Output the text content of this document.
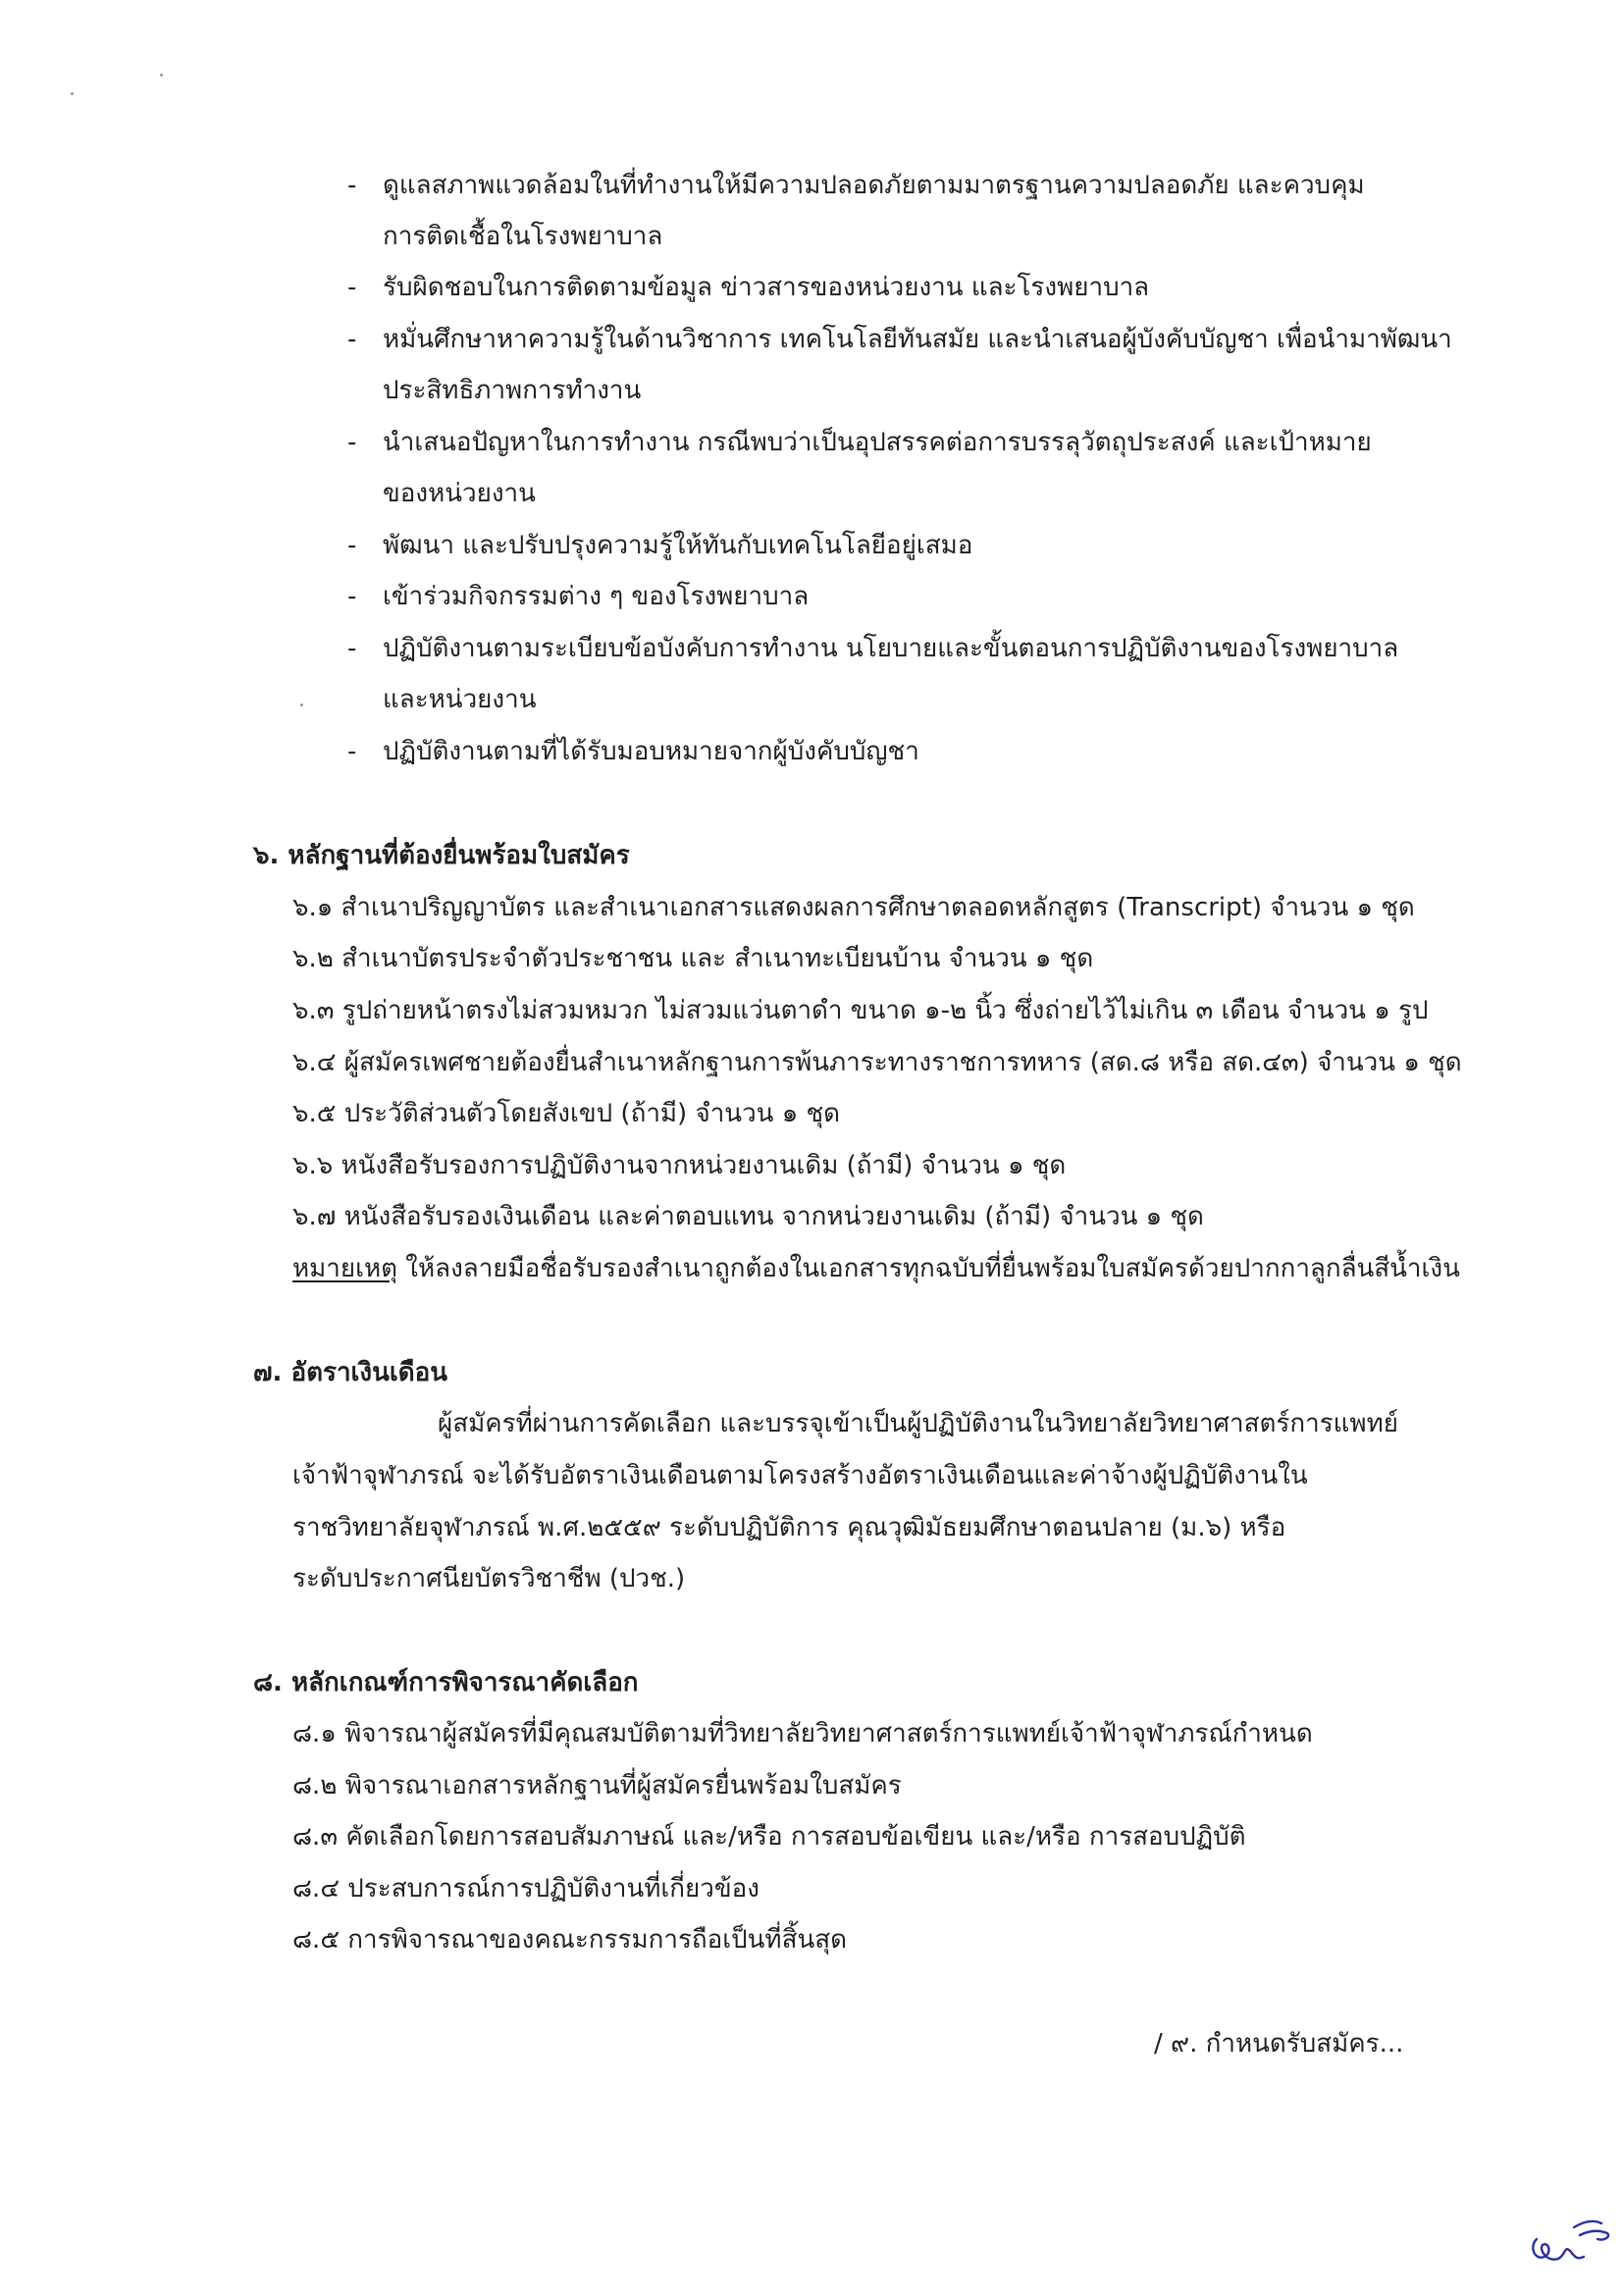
- ดูแลสภาพแวดล้อมในที่ทำงานให้มีความปลอดภัยตามมาตรฐานความปลอดภัย และควบคุม
การติดเชื้อในโรงพยาบาล
- รับผิดชอบในการติดตามข้อมูล ข่าวสารของหน่วยงาน และโรงพยาบาล
- หมั่นศึกษาหาความรู้ในด้านวิชาการ เทคโนโลยีทันสมัย และนำเสนอผู้บังคับบัญชา เพื่อนำมาพัฒนา
ประสิทธิภาพการทำงาน
- นำเสนอปัญหาในการทำงาน กรณีพบว่าเป็นอุปสรรคต่อการบรรลุวัตถุประสงค์ และเป้าหมาย
ของหน่วยงาน
- พัฒนา และปรับปรุงความรู้ให้ทันกับเทคโนโลยีอยู่เสมอ
- เข้าร่วมกิจกรรมต่าง ๆ ของโรงพยาบาล
- ปฏิบัติงานตามระเบียบข้อบังคับการทำงาน นโยบายและขั้นตอนการปฏิบัติงานของโรงพยาบาล
และหน่วยงาน
- ปฏิบัติงานตามที่ได้รับมอบหมายจากผู้บังคับบัญชา
๖. หลักฐานที่ต้องยื่นพร้อมใบสมัคร
๖.๑ สำเนาปริญญาบัตร และสำเนาเอกสารแสดงผลการศึกษาตลอดหลักสูตร (Transcript) จำนวน ๑ ชุด
๖.๒ สำเนาบัตรประจำตัวประชาชน และ สำเนาทะเบียนบ้าน จำนวน ๑ ชุด
๖.๓ รูปถ่ายหน้าตรงไม่สวมหมวก ไม่สวมแว่นตาดำ ขนาด ๑-๒ นิ้ว ซึ่งถ่ายไว้ไม่เกิน ๓ เดือน จำนวน ๑ รูป
๖.๔ ผู้สมัครเพศชายต้องยื่นสำเนาหลักฐานการพ้นภาระทางราชการทหาร (สด.๘ หรือ สด.๔๓) จำนวน ๑ ชุด
๖.๕ ประวัติส่วนตัวโดยสังเขป (ถ้ามี) จำนวน ๑ ชุด
๖.๖ หนังสือรับรองการปฏิบัติงานจากหน่วยงานเดิม (ถ้ามี) จำนวน ๑ ชุด
๖.๗ หนังสือรับรองเงินเดือน และค่าตอบแทน จากหน่วยงานเดิม (ถ้ามี) จำนวน ๑ ชุด
หมายเหตุ ให้ลงลายมือชื่อรับรองสำเนาถูกต้องในเอกสารทุกฉบับที่ยื่นพร้อมใบสมัครด้วยปากกาลูกลื่นสีน้ำเงิน
๗. อัตราเงินเดือน
ผู้สมัครที่ผ่านการคัดเลือก และบรรจุเข้าเป็นผู้ปฏิบัติงานในวิทยาลัยวิทยาศาสตร์การแพทย์
เจ้าฟ้าจุฬาภรณ์ จะได้รับอัตราเงินเดือนตามโครงสร้างอัตราเงินเดือนและค่าจ้างผู้ปฏิบัติงานใน
ราชวิทยาลัยจุฬาภรณ์ พ.ศ.๒๕๕๙ ระดับปฏิบัติการ คุณวุฒิมัธยมศึกษาตอนปลาย (ม.๖) หรือ
ระดับประกาศนียบัตรวิชาชีพ (ปวช.)
๘. หลักเกณฑ์การพิจารณาคัดเลือก
๘.๑ พิจารณาผู้สมัครที่มีคุณสมบัติตามที่วิทยาลัยวิทยาศาสตร์การแพทย์เจ้าฟ้าจุฬาภรณ์กำหนด
๘.๒ พิจารณาเอกสารหลักฐานที่ผู้สมัครยื่นพร้อมใบสมัคร
๘.๓ คัดเลือกโดยการสอบสัมภาษณ์ และ/หรือ การสอบข้อเขียน และ/หรือ การสอบปฏิบัติ
๘.๔ ประสบการณ์การปฏิบัติงานที่เกี่ยวข้อง
๘.๕ การพิจารณาของคณะกรรมการถือเป็นที่สิ้นสุด
/ ๙. กำหนดรับสมัคร...
